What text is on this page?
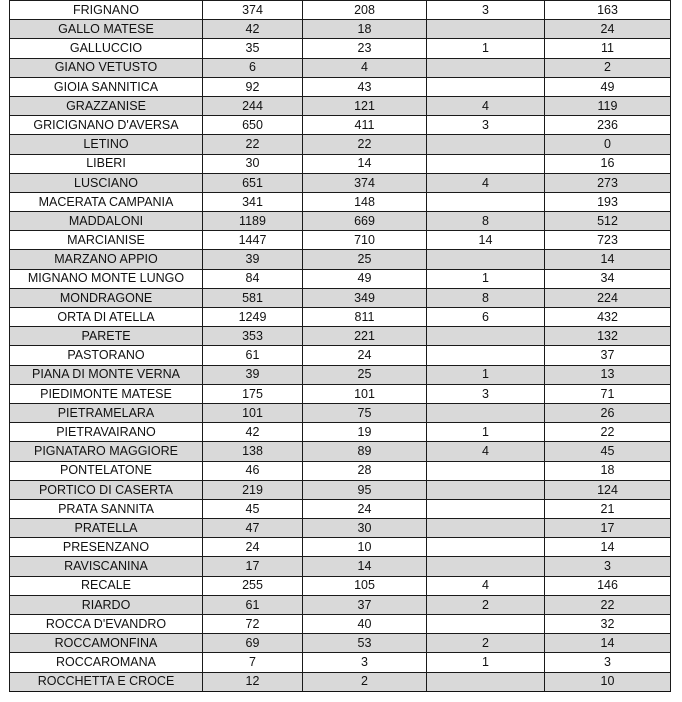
FRIGNANO	374	208	3	163
GALLO MATESE	42	18		24
GALLUCCIO	35	23	1	11
GIANO VETUSTO	6	4		2
GIOIA SANNITICA	92	43		49
GRAZZANISE	244	121	4	119
GRICIGNANO D'AVERSA	650	411	3	236
LETINO	22	22		0
LIBERI	30	14		16
LUSCIANO	651	374	4	273
MACERATA CAMPANIA	341	148		193
MADDALONI	1189	669	8	512
MARCIANISE	1447	710	14	723
MARZANO APPIO	39	25		14
MIGNANO MONTE LUNGO	84	49	1	34
MONDRAGONE	581	349	8	224
ORTA DI ATELLA	1249	811	6	432
PARETE	353	221		132
PASTORANO	61	24		37
PIANA DI MONTE VERNA	39	25	1	13
PIEDIMONTE MATESE	175	101	3	71
PIETRAMELARA	101	75		26
PIETRAVAIRANO	42	19	1	22
PIGNATARO MAGGIORE	138	89	4	45
PONTELATONE	46	28		18
PORTICO DI CASERTA	219	95		124
PRATA SANNITA	45	24		21
PRATELLA	47	30		17
PRESENZANO	24	10		14
RAVISCANINA	17	14		3
RECALE	255	105	4	146
RIARDO	61	37	2	22
ROCCA D'EVANDRO	72	40		32
ROCCAMONFINA	69	53	2	14
ROCCAROMANA	7	3	1	3
ROCCHETTA E CROCE	12	2		10
